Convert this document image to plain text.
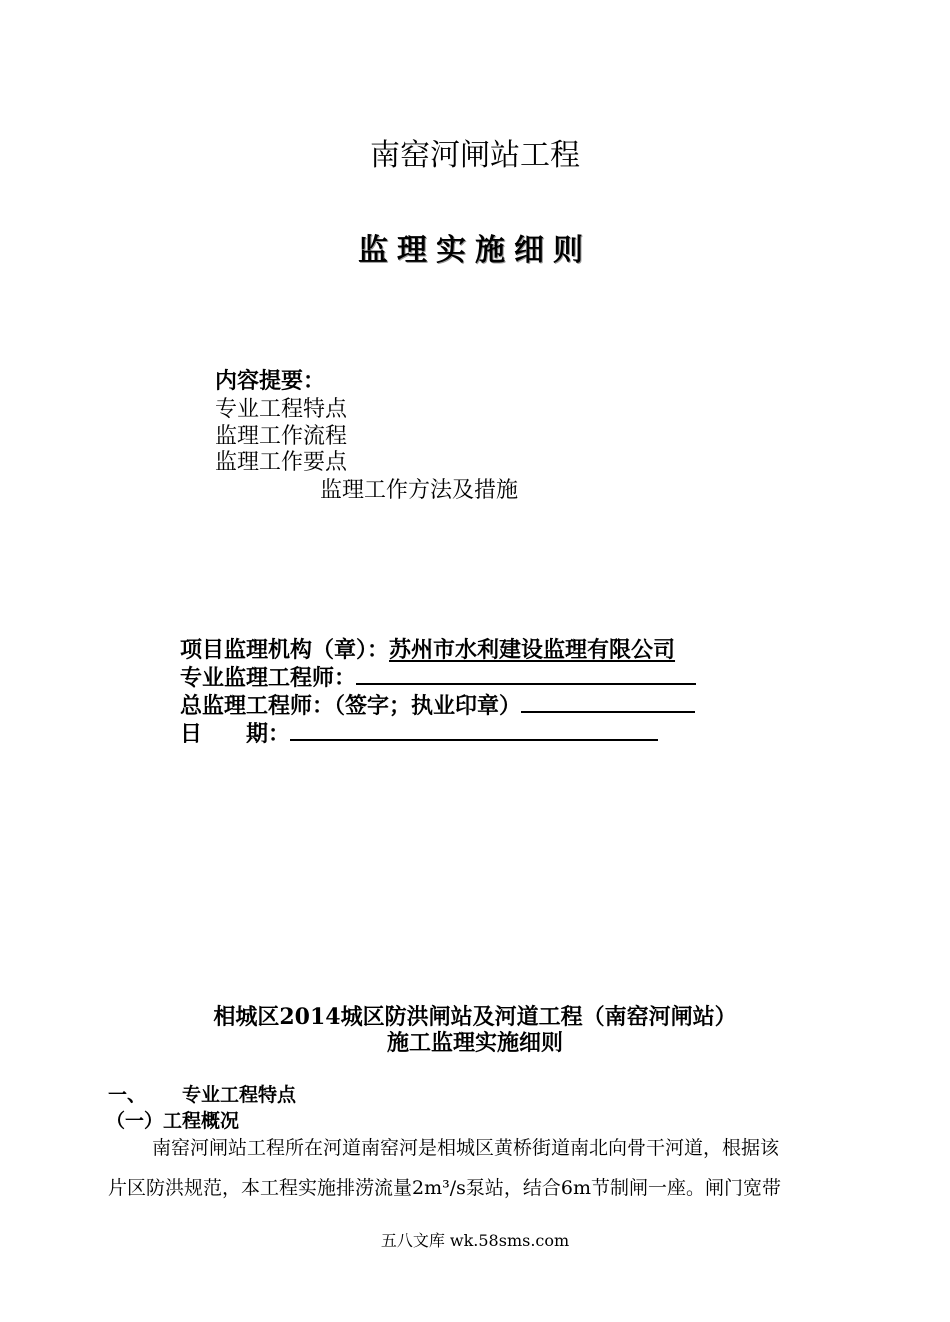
南窑河闸站工程
监理实施细则
内容提要：
专业工程特点
监理工作流程
监理工作要点
监理工作方法及措施
项目监理机构（章）：苏州市水利建设监理有限公司
专业监理工程师：
总监理工程师：（签字；执业印章）
日　　期：
相城区2014城区防洪闸站及河道工程（南窑河闸站）
施工监理实施细则
一、 专业工程特点
（一）工程概况
南窑河闸站工程所在河道南窑河是相城区黄桥街道南北向骨干河道，根据该
片区防洪规范，本工程实施排涝流量2m³/s泵站，结合6m节制闸一座。闸门宽带
五八文库 wk.58sms.com
